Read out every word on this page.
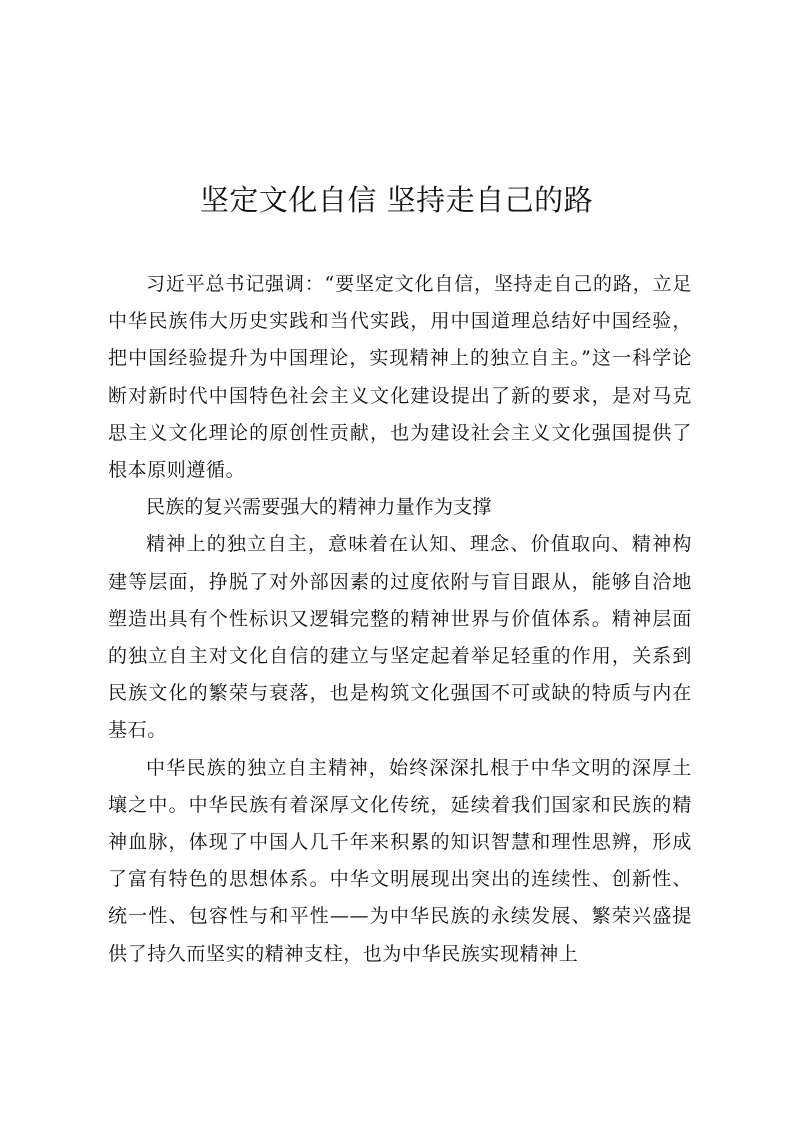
坚定文化自信 坚持走自己的路

习近平总书记强调：“要坚定文化自信，坚持走自己的路，立足中华民族伟大历史实践和当代实践，用中国道理总结好中国经验，把中国经验提升为中国理论，实现精神上的独立自主。”这一科学论断对新时代中国特色社会主义文化建设提出了新的要求，是对马克思主义文化理论的原创性贡献，也为建设社会主义文化强国提供了根本原则遵循。

民族的复兴需要强大的精神力量作为支撑

精神上的独立自主，意味着在认知、理念、价值取向、精神构建等层面，挣脱了对外部因素的过度依附与盲目跟从，能够自洽地塑造出具有个性标识又逻辑完整的精神世界与价值体系。精神层面的独立自主对文化自信的建立与坚定起着举足轻重的作用，关系到民族文化的繁荣与衰落，也是构筑文化强国不可或缺的特质与内在基石。

中华民族的独立自主精神，始终深深扎根于中华文明的深厚土壤之中。中华民族有着深厚文化传统，延续着我们国家和民族的精神血脉，体现了中国人几千年来积累的知识智慧和理性思辨，形成了富有特色的思想体系。中华文明展现出突出的连续性、创新性、统一性、包容性与和平性——为中华民族的永续发展、繁荣兴盛提供了持久而坚实的精神支柱，也为中华民族实现精神上
